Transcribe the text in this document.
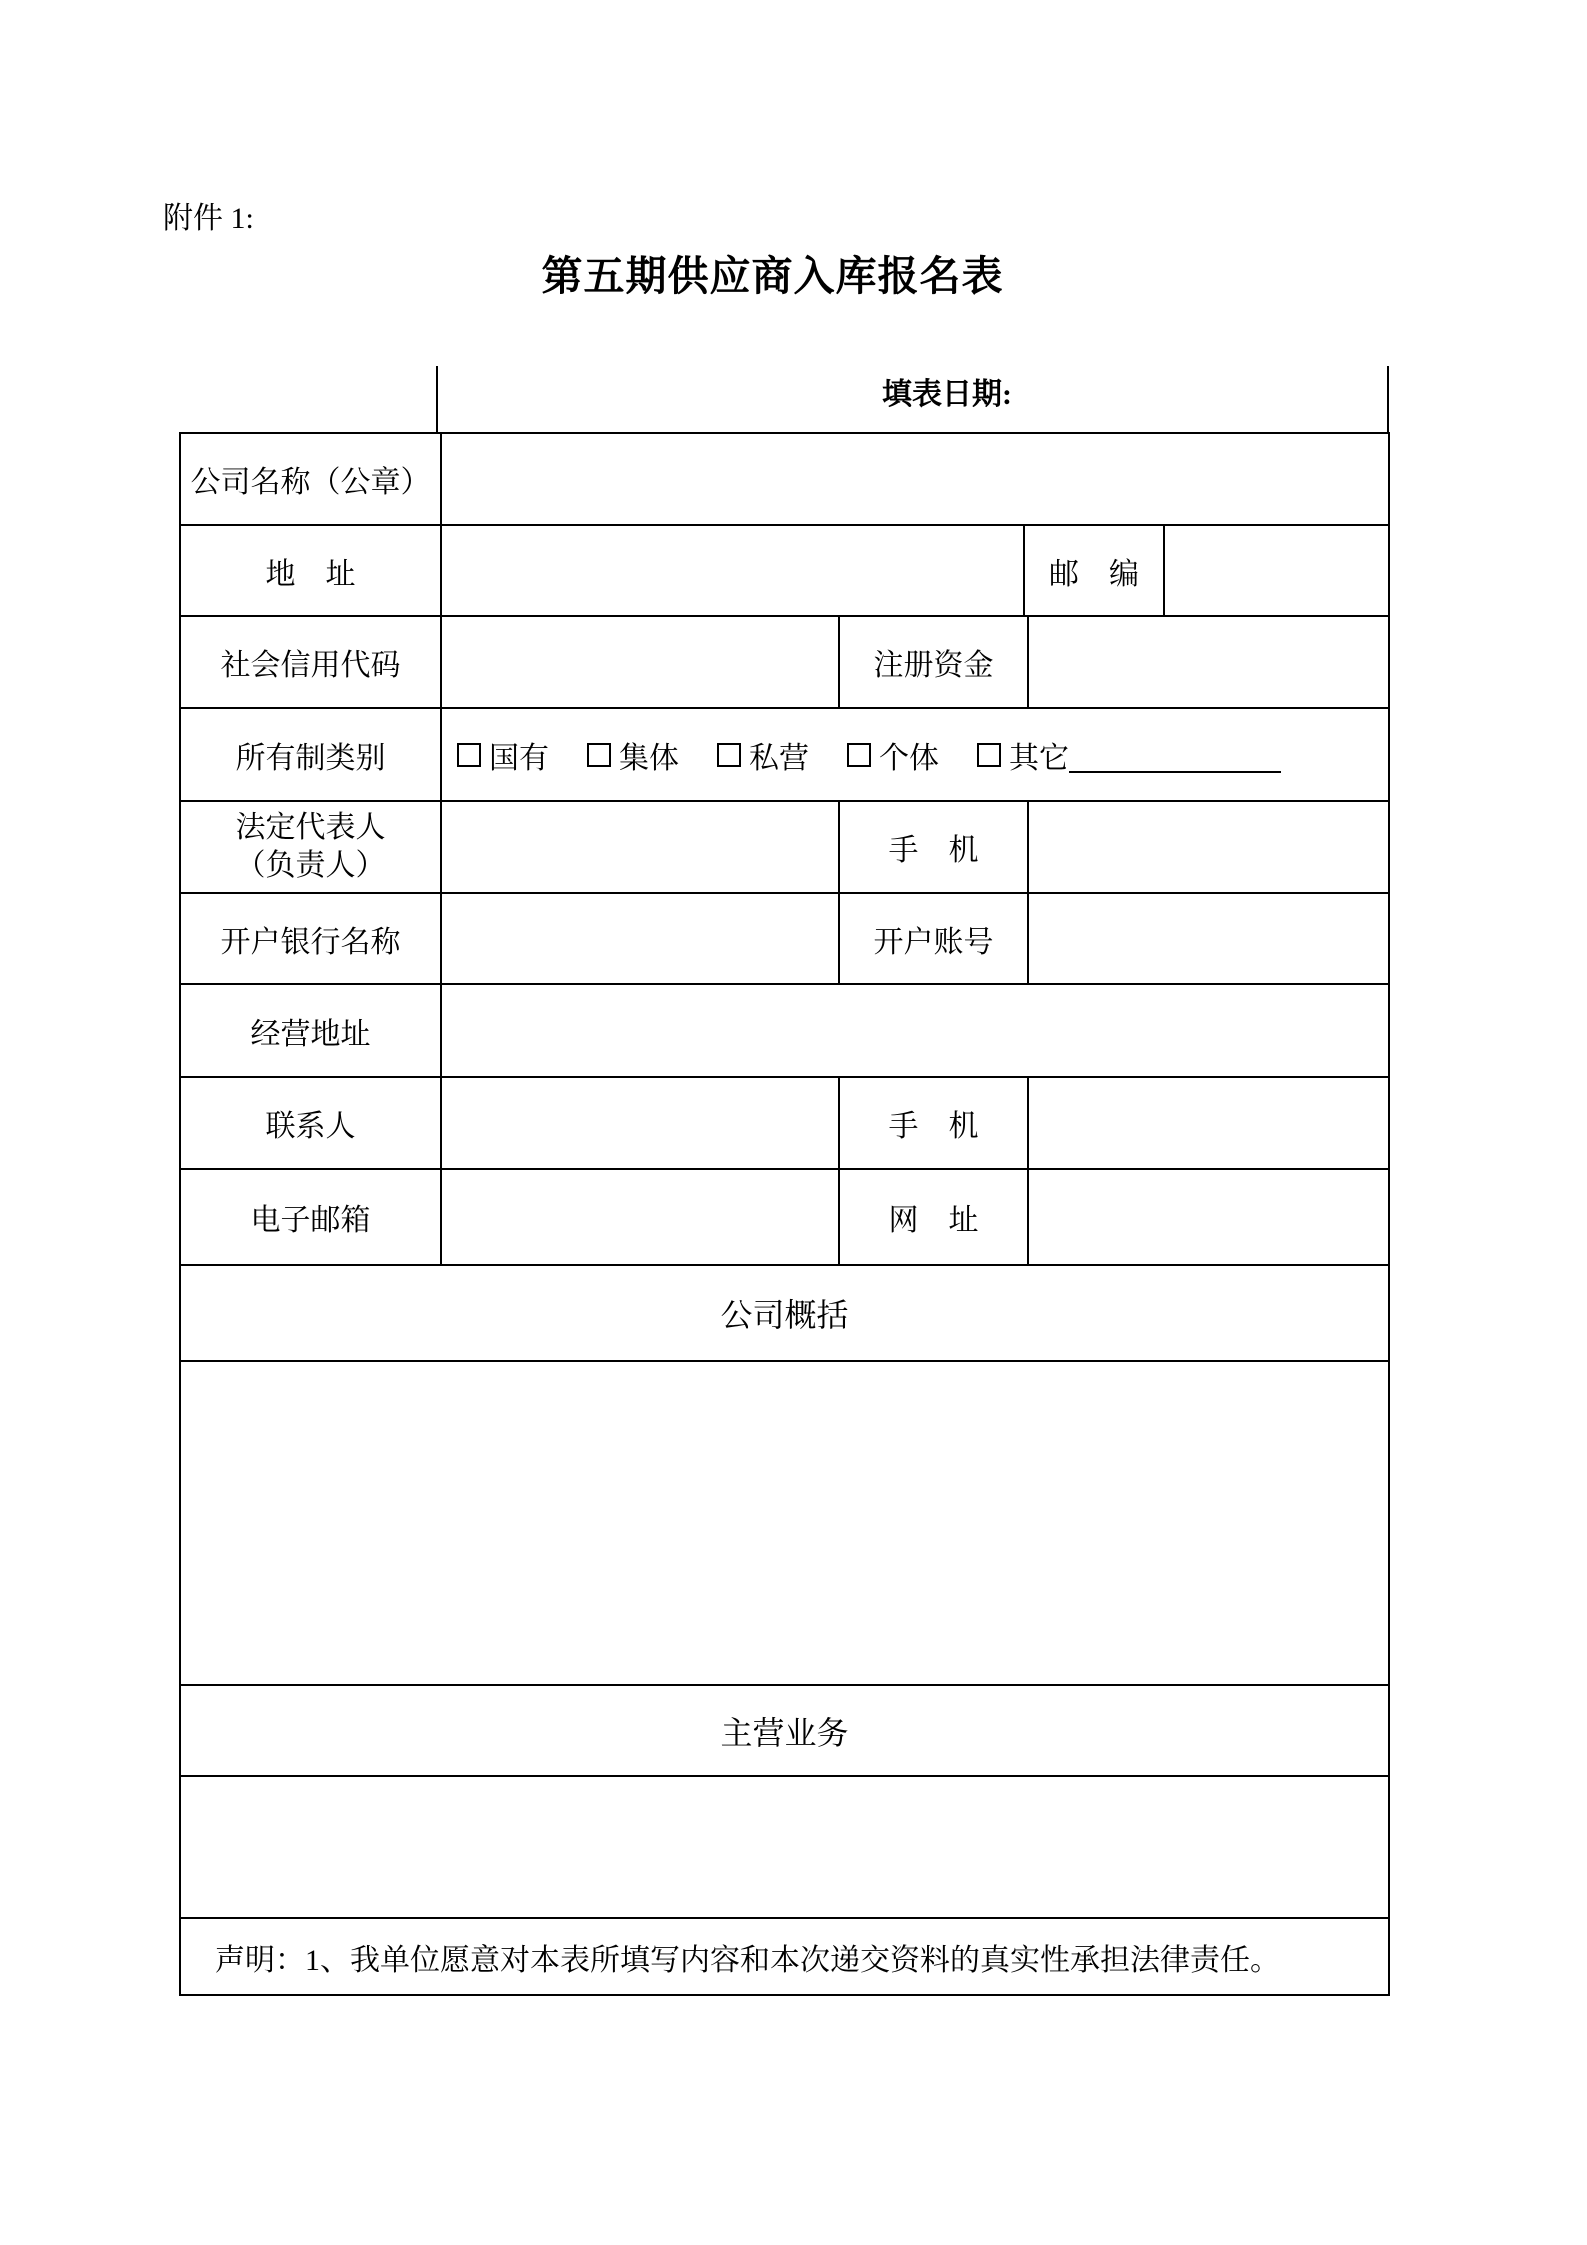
附件 1:
第五期供应商入库报名表
填表日期:
公司名称（公章）
地　址	邮　编
社会信用代码	注册资金
所有制类别	国有 集体 私营 个体 其它
法定代表人
（负责人）	手　机
开户银行名称	开户账号
经营地址
联系人	手　机
电子邮箱	网　址
公司概括
主营业务
声明：1、我单位愿意对本表所填写内容和本次递交资料的真实性承担法律责任。
